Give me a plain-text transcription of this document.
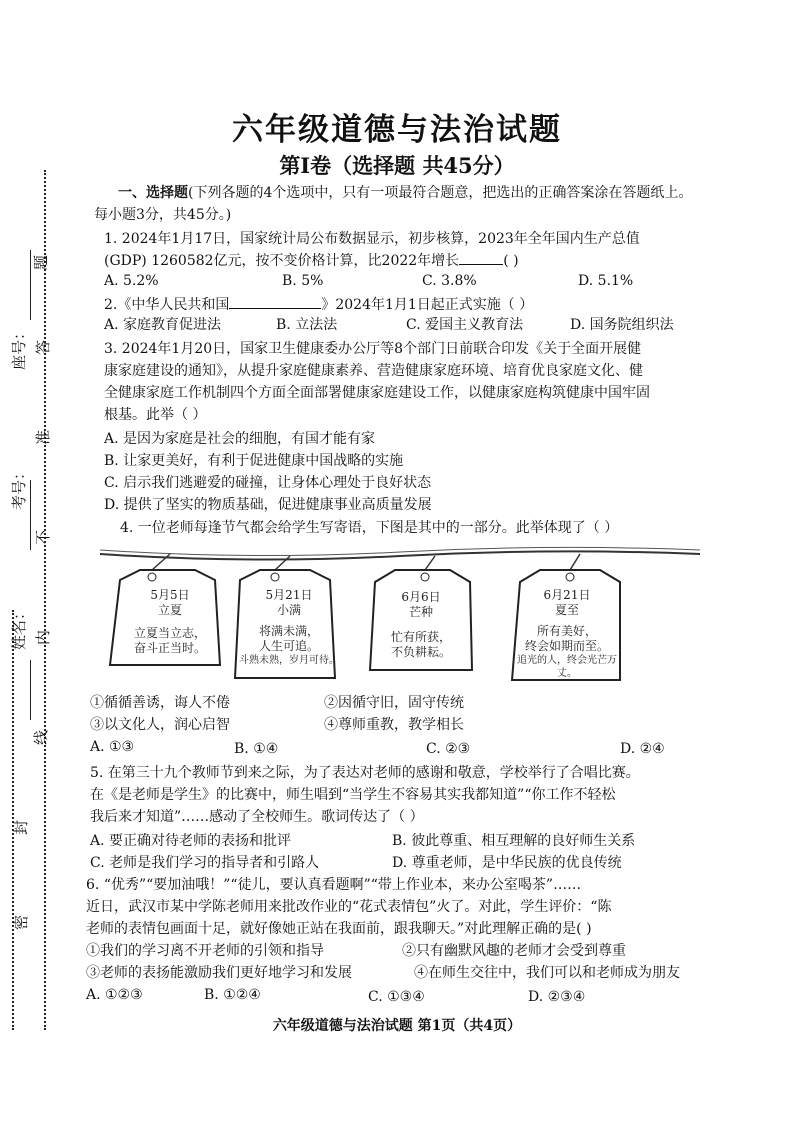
座号：
考号：
姓名：
题
答
准
不
内
线
封
密
六年级道德与法治试题
第Ⅰ卷（选择题 共45分）
一、选择题(下列各题的4个选项中，只有一项最符合题意，把选出的正确答案涂在答题纸上。
每小题3分，共45分。)
1. 2024年1月17日，国家统计局公布数据显示，初步核算，2023年全年国内生产总值
(GDP) 1260582亿元，按不变价格计算，比2022年增长	( )
A. 5.2%	B. 5%	C. 3.8%	D. 5.1%
2.《中华人民共和国	》2024年1月1日起正式实施（ ）
A. 家庭教育促进法	B. 立法法	C. 爱国主义教育法	D. 国务院组织法
3. 2024年1月20日，国家卫生健康委办公厅等8个部门日前联合印发《关于全面开展健
康家庭建设的通知》，从提升家庭健康素养、营造健康家庭环境、培育优良家庭文化、健
全健康家庭工作机制四个方面全面部署健康家庭建设工作，以健康家庭构筑健康中国牢固
根基。此举（ ）
A. 是因为家庭是社会的细胞，有国才能有家
B. 让家更美好，有利于促进健康中国战略的实施
C. 启示我们逃避爱的碰撞，让身体心理处于良好状态
D. 提供了坚实的物质基础，促进健康事业高质量发展
4. 一位老师每逢节气都会给学生写寄语，下图是其中的一部分。此举体现了（ ）
5月5日
立夏
立夏当立志，
奋斗正当时。
5月21日
小满
将满未满，
人生可追。
斗熟未熟，岁月可待。
6月6日
芒种
忙有所获，
不负耕耘。
6月21日
夏至
所有美好，
终会如期而至。
追光的人，终会光芒万丈。
①循循善诱，诲人不倦	②因循守旧，固守传统
③以文化人，润心启智	④尊师重教，教学相长
A. ①③	B. ①④	C. ②③	D. ②④
5. 在第三十九个教师节到来之际，为了表达对老师的感谢和敬意，学校举行了合唱比赛。
在《是老师是学生》的比赛中，师生唱到“当学生不容易其实我都知道”“你工作不轻松
我后来才知道”……感动了全校师生。歌词传达了（ ）
A. 要正确对待老师的表扬和批评	B. 彼此尊重、相互理解的良好师生关系
C. 老师是我们学习的指导者和引路人	D. 尊重老师，是中华民族的优良传统
6. “优秀”“要加油哦！”“徒儿，要认真看题啊”“带上作业本，来办公室喝茶”……
近日，武汉市某中学陈老师用来批改作业的“花式表情包”火了。对此，学生评价：“陈
老师的表情包画面十足，就好像她正站在我面前，跟我聊天。”对此理解正确的是( )
①我们的学习离不开老师的引领和指导	②只有幽默风趣的老师才会受到尊重
③老师的表扬能激励我们更好地学习和发展	④在师生交往中，我们可以和老师成为朋友
A. ①②③	B. ①②④	C. ①③④	D. ②③④
六年级道德与法治试题 第1页（共4页）
